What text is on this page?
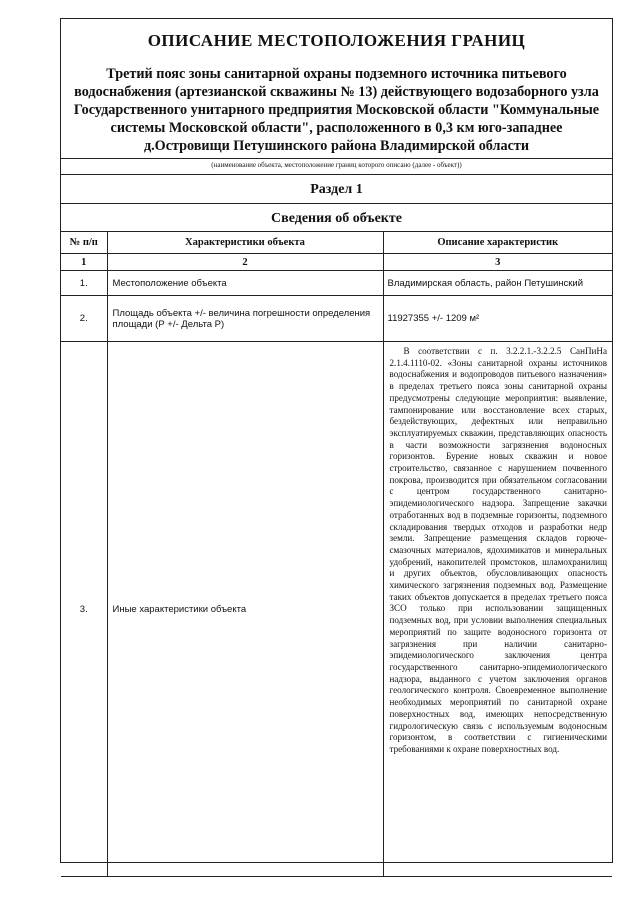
ОПИСАНИЕ МЕСТОПОЛОЖЕНИЯ ГРАНИЦ
Третий пояс зоны санитарной охраны подземного источника питьевого водоснабжения (артезианской скважины № 13) действующего водозаборного узла Государственного унитарного предприятия Московской области "Коммунальные системы Московской области", расположенного в 0,3 км юго-западнее д.Островищи Петушинского района Владимирской области
(наименование объекта, местоположение границ которого описано (далее - объект))
Раздел 1
Сведения об объекте
№ п/п	Характеристики объекта	Описание характеристик
1	2	3
1.	Местоположение объекта	Владимирская область, район Петушинский
2.	Площадь объекта +/- величина погрешности определения площади (Р +/- Дельта Р)	11927355 +/- 1209 м²
3.	Иные характеристики объекта	В соответствии с п. 3.2.2.1.-3.2.2.5 СанПиНа 2.1.4.1110-02. «Зоны санитарной охраны источников водоснабжения и водопроводов питьевого назначения» в пределах третьего пояса зоны санитарной охраны предусмотрены следующие мероприятия: выявление, тампонирование или восстановление всех старых, бездействующих, дефектных или неправильно эксплуатируемых скважин, представляющих опасность в части возможности загрязнения водоносных горизонтов. Бурение новых скважин и новое строительство, связанное с нарушением почвенного покрова, производится при обязательном согласовании с центром государственного санитарно-эпидемиологического надзора. Запрещение закачки отработанных вод в подземные горизонты, подземного складирования твердых отходов и разработки недр земли. Запрещение размещения складов горюче-смазочных материалов, ядохимикатов и минеральных удобрений, накопителей промстоков, шламохранилищ и других объектов, обусловливающих опасность химического загрязнения подземных вод. Размещение таких объектов допускается в пределах третьего пояса ЗСО только при использовании защищенных подземных вод, при условии выполнения специальных мероприятий по защите водоносного горизонта от загрязнения при наличии санитарно-эпидемиологического заключения центра государственного санитарно-эпидемиологического надзора, выданного с учетом заключения органов геологического контроля. Своевременное выполнение необходимых мероприятий по санитарной охране поверхностных вод, имеющих непосредственную гидрологическую связь с используемым водоносным горизонтом, в соответствии с гигиеническими требованиями к охране поверхностных вод.
